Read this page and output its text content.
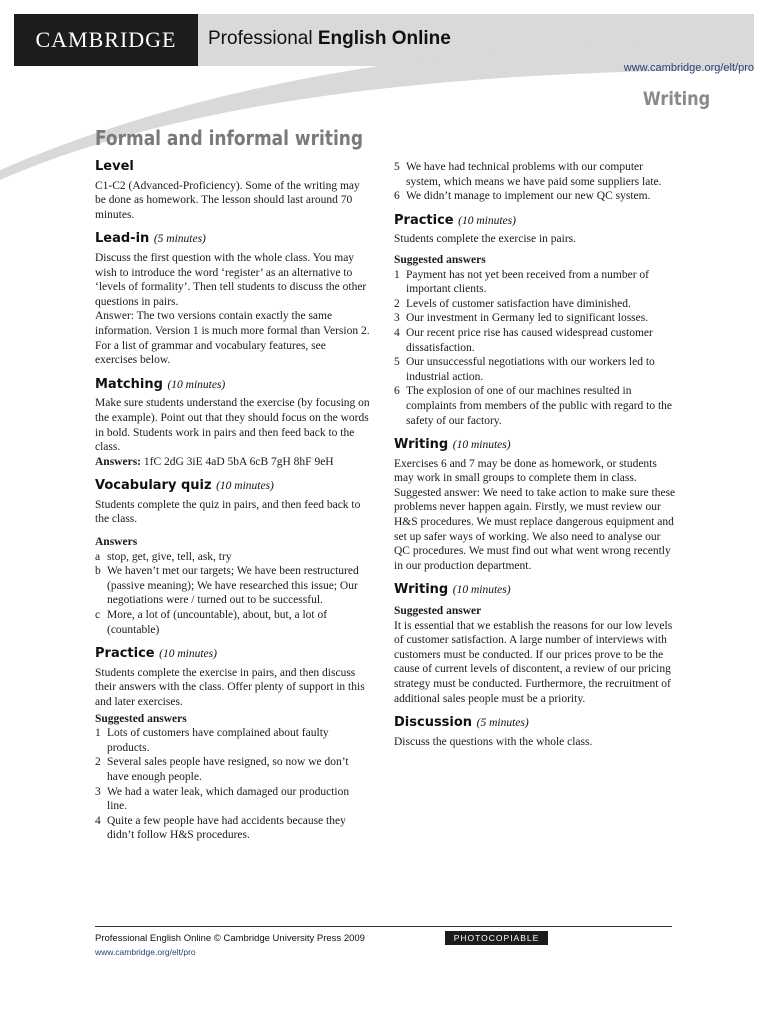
CAMBRIDGE	Professional English Online
www.cambridge.org/elt/pro
Writing
Formal and informal writing
Level

C1-C2 (Advanced-Proficiency). Some of the writing may be done as homework. The lesson should last around 70 minutes.

Lead-in (5 minutes)

Discuss the first question with the whole class. You may wish to introduce the word ‘register’ as an alternative to ‘levels of formality’. Then tell students to discuss the other questions in pairs.

Answer: The two versions contain exactly the same information. Version 1 is much more formal than Version 2. For a list of grammar and vocabulary features, see exercises below.

Matching (10 minutes)

Make sure students understand the exercise (by focusing on the example). Point out that they should focus on the words in bold. Students work in pairs and then feed back to the class.

Answers: 1fC 2dG 3iE 4aD 5bA 6cB 7gH 8hF 9eH

Vocabulary quiz (10 minutes)

Students complete the quiz in pairs, and then feed back to the class.

Answers

a stop, get, give, tell, ask, try
b We haven’t met our targets; We have been restructured (passive meaning); We have researched this issue; Our negotiations were / turned out to be successful.
c More, a lot of (uncountable), about, but, a lot of (countable)
Practice (10 minutes)

Students complete the exercise in pairs, and then discuss their answers with the class. Offer plenty of support in this and later exercises.

Suggested answers

1 Lots of customers have complained about faulty products.
2 Several sales people have resigned, so now we don’t have enough people.
3 We had a water leak, which damaged our production line.
4 Quite a few people have had accidents because they didn’t follow H&S procedures.
5 We have had technical problems with our computer system, which means we have paid some suppliers late.
6 We didn’t manage to implement our new QC system.
Practice (10 minutes)

Students complete the exercise in pairs.

Suggested answers

1 Payment has not yet been received from a number of important clients.
2 Levels of customer satisfaction have diminished.
3 Our investment in Germany led to significant losses.
4 Our recent price rise has caused widespread customer dissatisfaction.
5 Our unsuccessful negotiations with our workers led to industrial action.
6 The explosion of one of our machines resulted in complaints from members of the public with regard to the safety of our factory.
Writing (10 minutes)

Exercises 6 and 7 may be done as homework, or students may work in small groups to complete them in class.

Suggested answer: We need to take action to make sure these problems never happen again. Firstly, we must review our H&S procedures. We must replace dangerous equipment and set up safer ways of working. We also need to analyse our QC procedures. We must find out what went wrong recently in our production department.

Writing (10 minutes)

Suggested answer

It is essential that we establish the reasons for our low levels of customer satisfaction. A large number of interviews with customers must be conducted. If our prices prove to be the cause of current levels of discontent, a review of our pricing strategy must be conducted. Furthermore, the recruitment of additional sales people must be a priority.

Discussion (5 minutes)

Discuss the questions with the whole class.

Professional English Online © Cambridge University Press 2009	PHOTOCOPIABLE
www.cambridge.org/elt/pro
